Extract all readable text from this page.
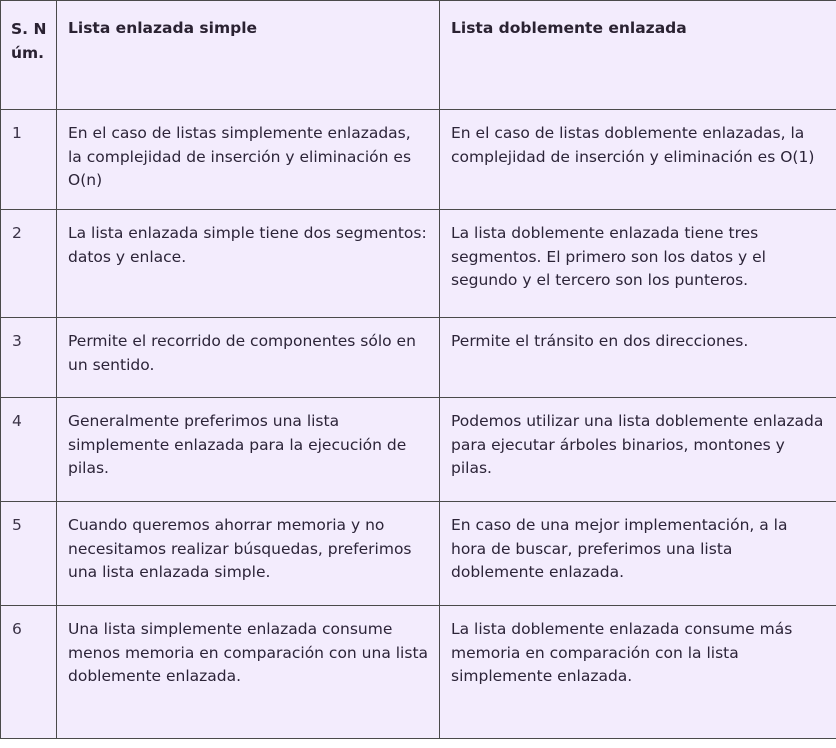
S. Núm.	Lista enlazada simple	Lista doblemente enlazada
1	En el caso de listas simplemente enlazadas, la complejidad de inserción y eliminación es O(n)	En el caso de listas doblemente enlazadas, la complejidad de inserción y eliminación es O(1)
2	La lista enlazada simple tiene dos segmentos: datos y enlace.	La lista doblemente enlazada tiene tres segmentos. El primero son los datos y el segundo y el tercero son los punteros.
3	Permite el recorrido de componentes sólo en un sentido.	Permite el tránsito en dos direcciones.
4	Generalmente preferimos una lista simplemente enlazada para la ejecución de pilas.	Podemos utilizar una lista doblemente enlazada para ejecutar árboles binarios, montones y pilas.
5	Cuando queremos ahorrar memoria y no necesitamos realizar búsquedas, preferimos una lista enlazada simple.	En caso de una mejor implementación, a la hora de buscar, preferimos una lista doblemente enlazada.
6	Una lista simplemente enlazada consume menos memoria en comparación con una lista doblemente enlazada.	La lista doblemente enlazada consume más memoria en comparación con la lista simplemente enlazada.
